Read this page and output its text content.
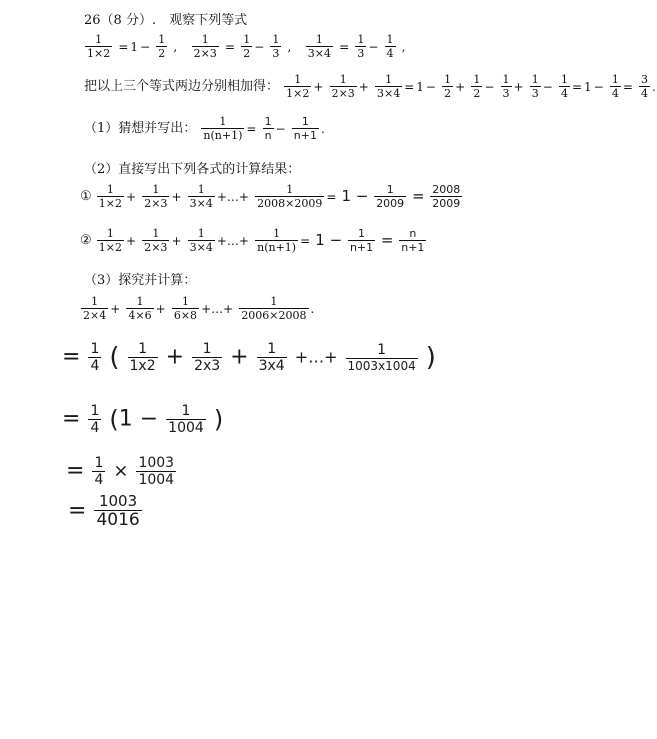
26（8 分）.　观察下列等式
$\frac{1}{1\times 2} = 1 - \frac{1}{2}$ , $\frac{1}{2\times 3} = \frac{1}{2} - \frac{1}{3}$ , $\frac{1}{3\times 4} = \frac{1}{3} - \frac{1}{4}$ ,
把以上三个等式两边分别相加得： $\frac{1}{1\times 2} + \frac{1}{2\times 3} + \frac{1}{3\times 4} = 1 - \frac{1}{2} + \frac{1}{2} - \frac{1}{3} + \frac{1}{3} - \frac{1}{4} = 1 - \frac{1}{4} = \frac{3}{4}$ .
（1）猜想并写出： $\frac{1}{n(n+1)} = \frac{1}{n} - \frac{1}{n+1}$ .
（2）直接写出下列各式的计算结果：
① $\frac{1}{1\times 2} + \frac{1}{2\times 3} + \frac{1}{3\times 4}$ +…+ $\frac{1}{2008\times 2009} = 1 - \frac{1}{2009} = \frac{2008}{2009}$
② $\frac{1}{1\times 2} + \frac{1}{2\times 3} + \frac{1}{3\times 4}$ +…+ $\frac{1}{n(n+1)} = 1 - \frac{1}{n+1} = \frac{n}{n+1}$
（3）探究并计算：
$\frac{1}{2\times 4} + \frac{1}{4\times 6} + \frac{1}{6\times 8}$ +…+ $\frac{1}{2006\times 2008}$ .
= $\frac{1}{4}$ ( $\frac{1}{1x2} + \frac{1}{2x3} + \frac{1}{3x4}$ +…+ $\frac{1}{1003x1004}$ )
= $\frac{1}{4} (1 - \frac{1}{1004}$ )
= $\frac{1}{4} \times \frac{1003}{1004}$
= $\frac{1003}{4016}$
